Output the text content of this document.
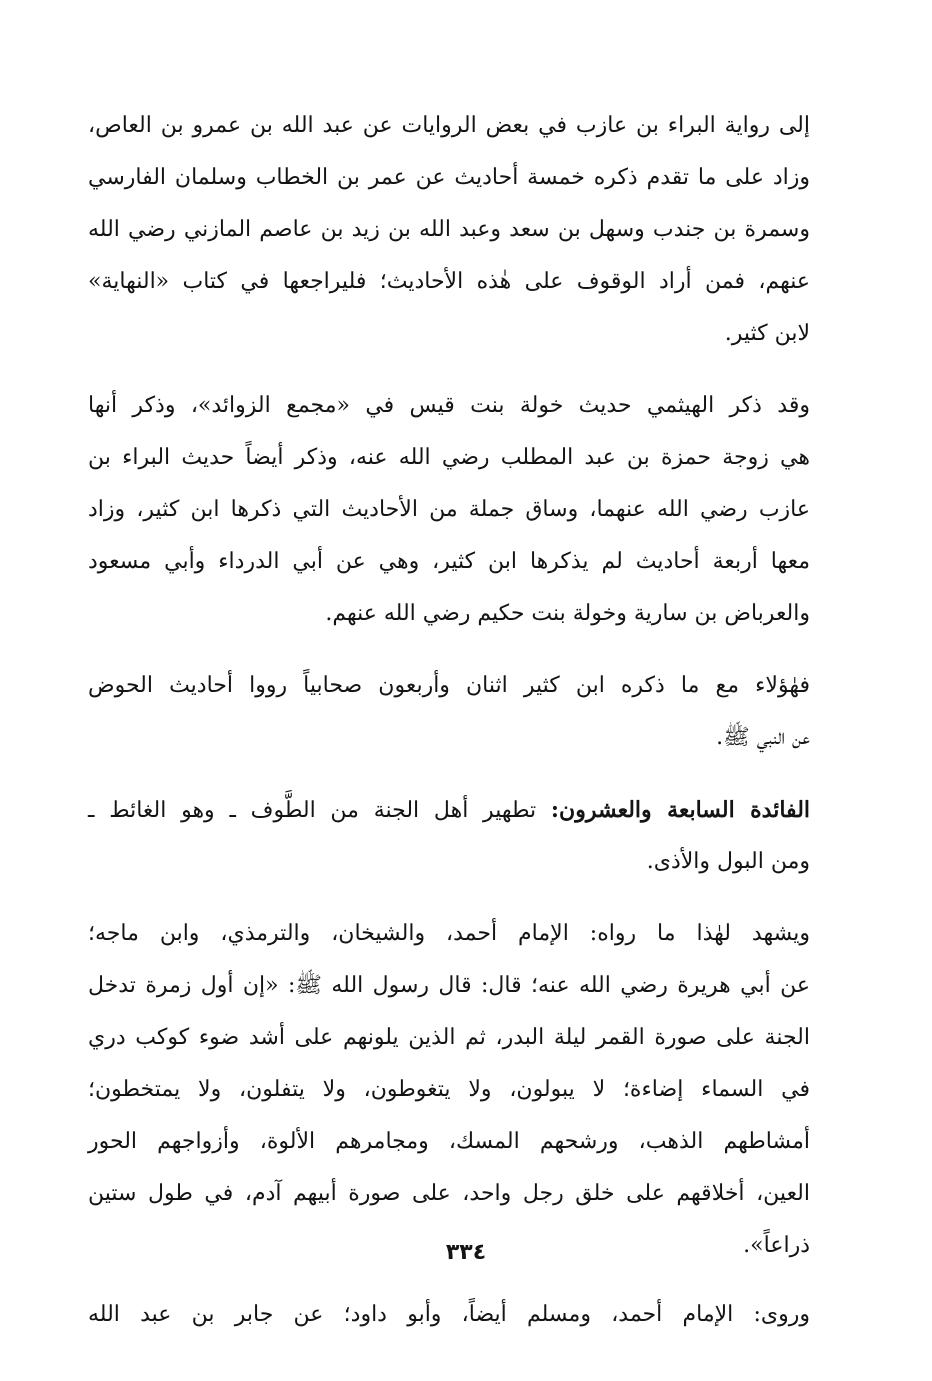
إلى رواية البراء بن عازب في بعض الروايات عن عبد الله بن عمرو بن العاص،
وزاد على ما تقدم ذكره خمسة أحاديث عن عمر بن الخطاب وسلمان الفارسي
وسمرة بن جندب وسهل بن سعد وعبد الله بن زيد بن عاصم المازني رضي الله
عنهم، فمن أراد الوقوف على هٰذه الأحاديث؛ فليراجعها في كتاب «النهاية»
لابن كثير.
وقد ذكر الهيثمي حديث خولة بنت قيس في «مجمع الزوائد»، وذكر أنها
هي زوجة حمزة بن عبد المطلب رضي الله عنه، وذكر أيضاً حديث البراء بن
عازب رضي الله عنهما، وساق جملة من الأحاديث التي ذكرها ابن كثير، وزاد
معها أربعة أحاديث لم يذكرها ابن كثير، وهي عن أبي الدرداء وأبي مسعود
والعرباض بن سارية وخولة بنت حكيم رضي الله عنهم.
فهٰؤلاء مع ما ذكره ابن كثير اثنان وأربعون صحابياً رووا أحاديث الحوض
عن النبي ﷺ.
الفائدة السابعة والعشرون: تطهير أهل الجنة من الطَّوف ـ وهو الغائط ـ
ومن البول والأذى.
ويشهد لهٰذا ما رواه: الإمام أحمد، والشيخان، والترمذي، وابن ماجه؛
عن أبي هريرة رضي الله عنه؛ قال: قال رسول الله ﷺ: «إن أول زمرة تدخل
الجنة على صورة القمر ليلة البدر، ثم الذين يلونهم على أشد ضوء كوكب دري
في السماء إضاءة؛ لا يبولون، ولا يتغوطون، ولا يتفلون، ولا يمتخطون؛
أمشاطهم الذهب، ورشحهم المسك، ومجامرهم الألوة، وأزواجهم الحور
العين، أخلاقهم على خلق رجل واحد، على صورة أبيهم آدم، في طول ستين
ذراعاً».
وروى: الإمام أحمد، ومسلم أيضاً، وأبو داود؛ عن جابر بن عبد الله
٣٣٤
